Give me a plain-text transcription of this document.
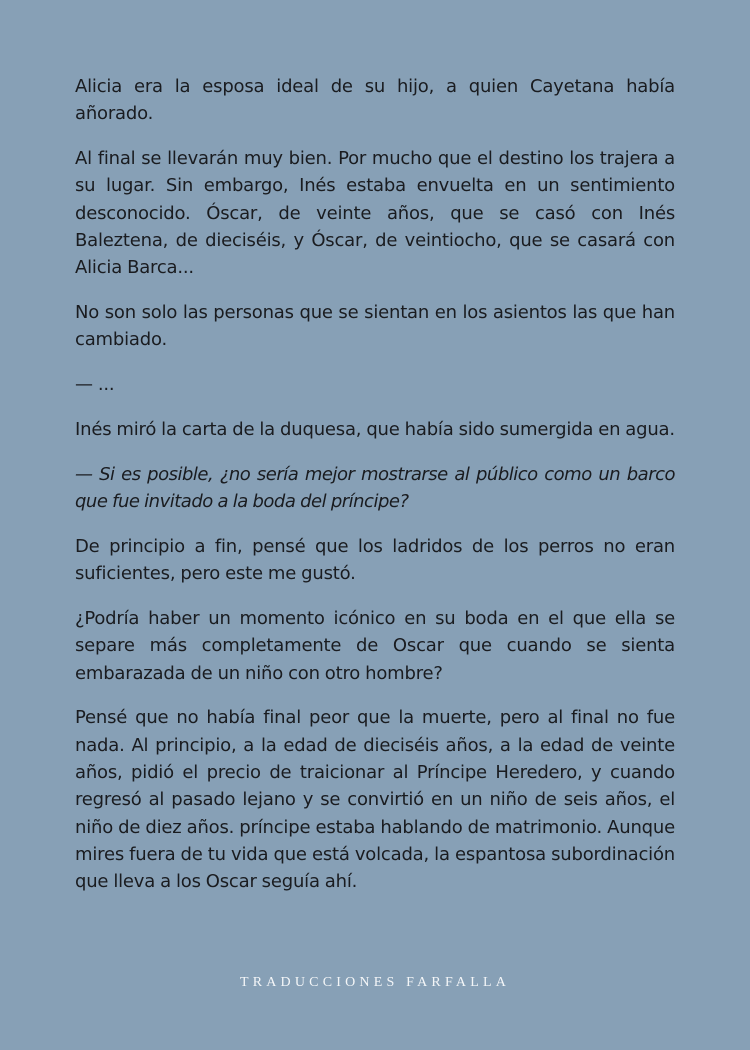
Alicia era la esposa ideal de su hijo, a quien Cayetana había añorado.

Al final se llevarán muy bien. Por mucho que el destino los trajera a su lugar. Sin embargo, Inés estaba envuelta en un sentimiento desconocido. Óscar, de veinte años, que se casó con Inés Baleztena, de dieciséis, y Óscar, de veintiocho, que se casará con Alicia Barca...

No son solo las personas que se sientan en los asientos las que han cambiado.

— ...

Inés miró la carta de la duquesa, que había sido sumergida en agua.

— Si es posible, ¿no sería mejor mostrarse al público como un barco que fue invitado a la boda del príncipe?

De principio a fin, pensé que los ladridos de los perros no eran suficientes, pero este me gustó.

¿Podría haber un momento icónico en su boda en el que ella se separe más completamente de Oscar que cuando se sienta embarazada de un niño con otro hombre?

Pensé que no había final peor que la muerte, pero al final no fue nada. Al principio, a la edad de dieciséis años, a la edad de veinte años, pidió el precio de traicionar al Príncipe Heredero, y cuando regresó al pasado lejano y se convirtió en un niño de seis años, el niño de diez años. príncipe estaba hablando de matrimonio. Aunque mires fuera de tu vida que está volcada, la espantosa subordinación que lleva a los Oscar seguía ahí.

TRADUCCIONES FARFALLA
